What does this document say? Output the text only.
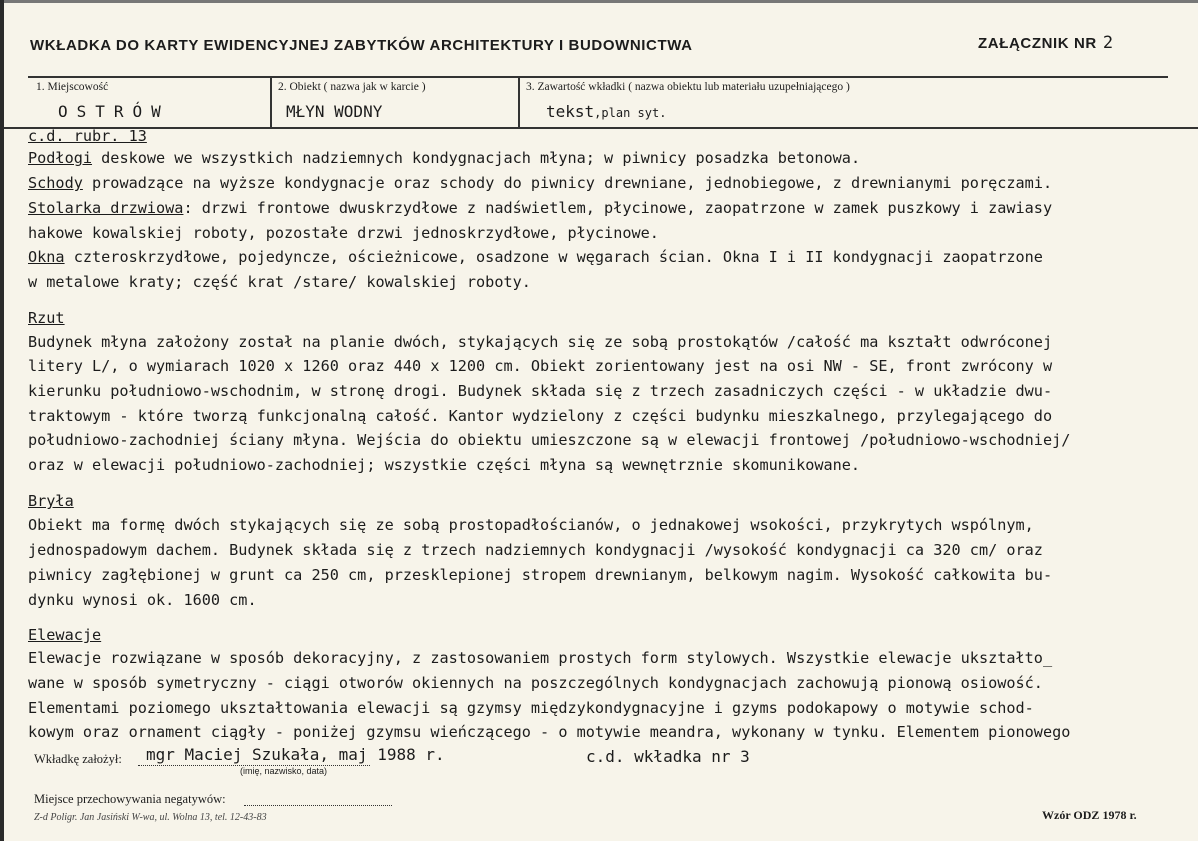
WKŁADKA DO KARTY EWIDENCYJNEJ ZABYTKÓW ARCHITEKTURY I BUDOWNICTWA	ZAŁĄCZNIK NR 2
1. Miejscowość
OSTRÓW
2. Obiekt ( nazwa jak w karcie )
MŁYN WODNY
3. Zawartość wkładki ( nazwa obiektu lub materiału uzupełniającego )
tekst,plan syt.
c.d. rubr. 13
Podłogi deskowe we wszystkich nadziemnych kondygnacjach młyna; w piwnicy posadzka betonowa.
Schody prowadzące na wyższe kondygnacje oraz schody do piwnicy drewniane, jednobiegowe, z drewnianymi poręczami.
Stolarka drzwiowa: drzwi frontowe dwuskrzydłowe z nadświetlem, płycinowe, zaopatrzone w zamek puszkowy i zawiasy
hakowe kowalskiej roboty, pozostałe drzwi jednoskrzydłowe, płycinowe.
Okna czteroskrzydłowe, pojedyncze, ościeżnicowe, osadzone w węgarach ścian. Okna I i II kondygnacji zaopatrzone
w metalowe kraty; część krat /stare/ kowalskiej roboty.
Rzut
Budynek młyna założony został na planie dwóch, stykających się ze sobą prostokątów /całość ma kształt odwróconej
litery L/, o wymiarach 1020 x 1260 oraz 440 x 1200 cm. Obiekt zorientowany jest na osi NW - SE, front zwrócony w
kierunku południowo-wschodnim, w stronę drogi. Budynek składa się z trzech zasadniczych części - w układzie dwu-
traktowym - które tworzą funkcjonalną całość. Kantor wydzielony z części budynku mieszkalnego, przylegającego do
południowo-zachodniej ściany młyna. Wejścia do obiektu umieszczone są w elewacji frontowej /południowo-wschodniej/
oraz w elewacji południowo-zachodniej; wszystkie części młyna są wewnętrznie skomunikowane.
Bryła
Obiekt ma formę dwóch stykających się ze sobą prostopadłościanów, o jednakowej wsokości, przykrytych wspólnym,
jednospadowym dachem. Budynek składa się z trzech nadziemnych kondygnacji /wysokość kondygnacji ca 320 cm/ oraz
piwnicy zagłębionej w grunt ca 250 cm, przesklepionej stropem drewnianym, belkowym nagim. Wysokość całkowita bu-
dynku wynosi ok. 1600 cm.
Elewacje
Elewacje rozwiązane w sposób dekoracyjny, z zastosowaniem prostych form stylowych. Wszystkie elewacje ukształto_
wane w sposób symetryczny - ciągi otworów okiennych na poszczególnych kondygnacjach zachowują pionową osiowość.
Elementami poziomego ukształtowania elewacji są gzymsy międzykondygnacyjne i gzyms podokapowy o motywie schod-
kowym oraz ornament ciągły - poniżej gzymsu wieńczącego - o motywie meandra, wykonany w tynku. Elementem pionowego
Wkładkę założył: mgr Maciej Szukała, maj 1988 r.
(imię, nazwisko, data)
c.d. wkładka nr 3
Miejsce przechowywania negatywów:
Z-d Poligr. Jan Jasiński W-wa, ul. Wolna 13, tel. 12-43-83	Wzór ODZ 1978 r.
